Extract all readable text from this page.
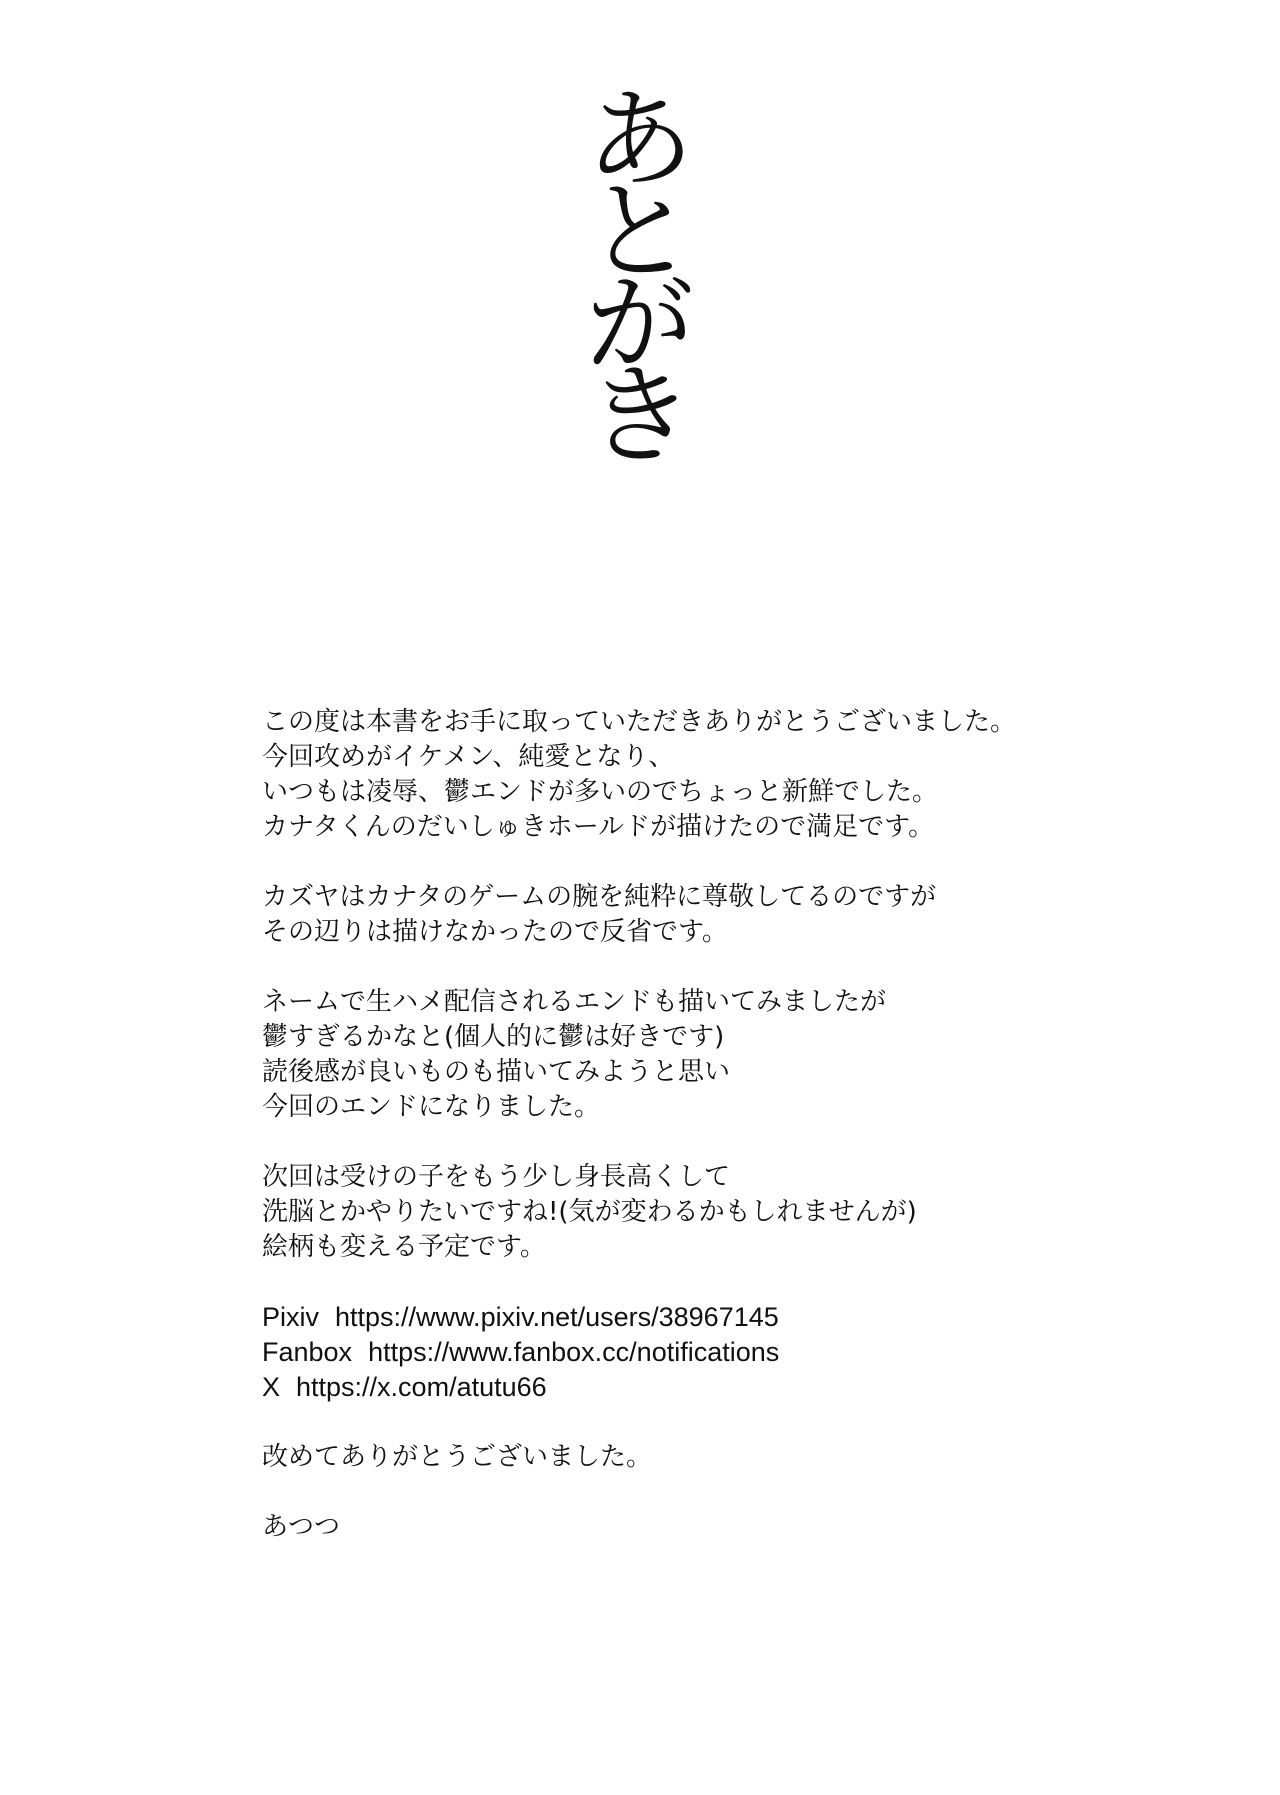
あ
と
が
き
この度は本書をお手に取っていただきありがとうございました。
今回攻めがイケメン、純愛となり、
いつもは凌辱、鬱エンドが多いのでちょっと新鮮でした。
カナタくんのだいしゅきホールドが描けたので満足です。
カズヤはカナタのゲームの腕を純粋に尊敬してるのですが
その辺りは描けなかったので反省です。
ネームで生ハメ配信されるエンドも描いてみましたが
鬱すぎるかなと(個人的に鬱は好きです)
読後感が良いものも描いてみようと思い
今回のエンドになりました。
次回は受けの子をもう少し身長高くして
洗脳とかやりたいですね!(気が変わるかもしれませんが)
絵柄も変える予定です。
Pixiv https://www.pixiv.net/users/38967145
Fanbox https://www.fanbox.cc/notifications
X https://x.com/atutu66
改めてありがとうございました。
あつつ
